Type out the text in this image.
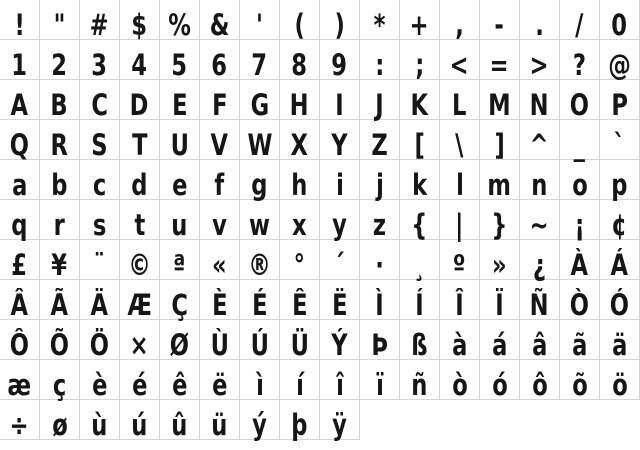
! " # $ % & '	(	) * + ,	-	.	/ 0
1 2 3 4 5 6 7 8 9 :	; < = > ? @
A B C D E F G H I	J K L M N O P
Q R S T U V W X Y Z [	\	] ^ _ `
a b c d e f g h i	j k l m n o p
q r s t u v w x y z { | } ~ ¡ ¢
£ ¥ ¨ © ª « ® ° ´	·	¸ º » ¿ À Á
Â Ã Ä Æ Ç È É Ê Ë Ì	Í	Î	Ï Ñ Ò Ó
Ô Õ Ö × Ø Ù Ú Ü Ý Þ ß à á â ã ä
æ ç è é ê ë ì	í	î	ï ñ ò ó ô õ ö
÷ ø ù ú û ü ý þ ÿ
